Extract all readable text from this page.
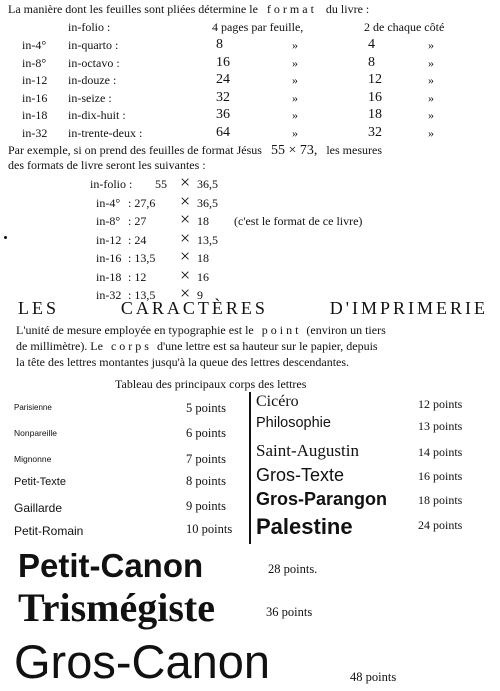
La manière dont les feuilles sont pliées détermine le format du livre :
in-folio :	4 pages par feuille,	2 de chaque côté
in-4° in-quarto :	8	»	4	»
in-8° in-octavo :	16	»	8	»
in-12 in-douze :	24	»	12	»
in-16 in-seize :	32	»	16	»
in-18 in-dix-huit :	36	»	18	»
in-32 in-trente-deux :	64	»	32	»
Par exemple, si on prend des feuilles de format Jésus 55 × 73, les mesures
des formats de livre seront les suivantes :
in-folio : 55 × 36,5
in-4° : 27,6 × 36,5
in-8° : 27 × 18 (c'est le format de ce livre)
in-12 : 24 × 13,5
in-16 : 13,5 × 18
in-18 : 12 × 16
in-32 : 13,5 × 9
LES	CARACTÈRES	D'IMPRIMERIE
L'unité de mesure employée en typographie est le p o i n t (environ un tiers
de millimètre). Le c o r p s d'une lettre est sa hauteur sur le papier, depuis
la tête des lettres montantes jusqu'à la queue des lettres descendantes.
Tableau des principaux corps des lettres
Parisienne	5 points
Nonpareille	6 points
Mignonne	7 points
Petit-Texte	8 points
Gaillarde	9 points
Petit-Romain	10 points
Cicéro	12 points
Philosophie	13 points
Saint-Augustin	14 points
Gros-Texte	16 points
Gros-Parangon	18 points
Palestine	24 points
Petit-Canon	28 points.
Trismégiste	36 points
Gros-Canon	48 points
